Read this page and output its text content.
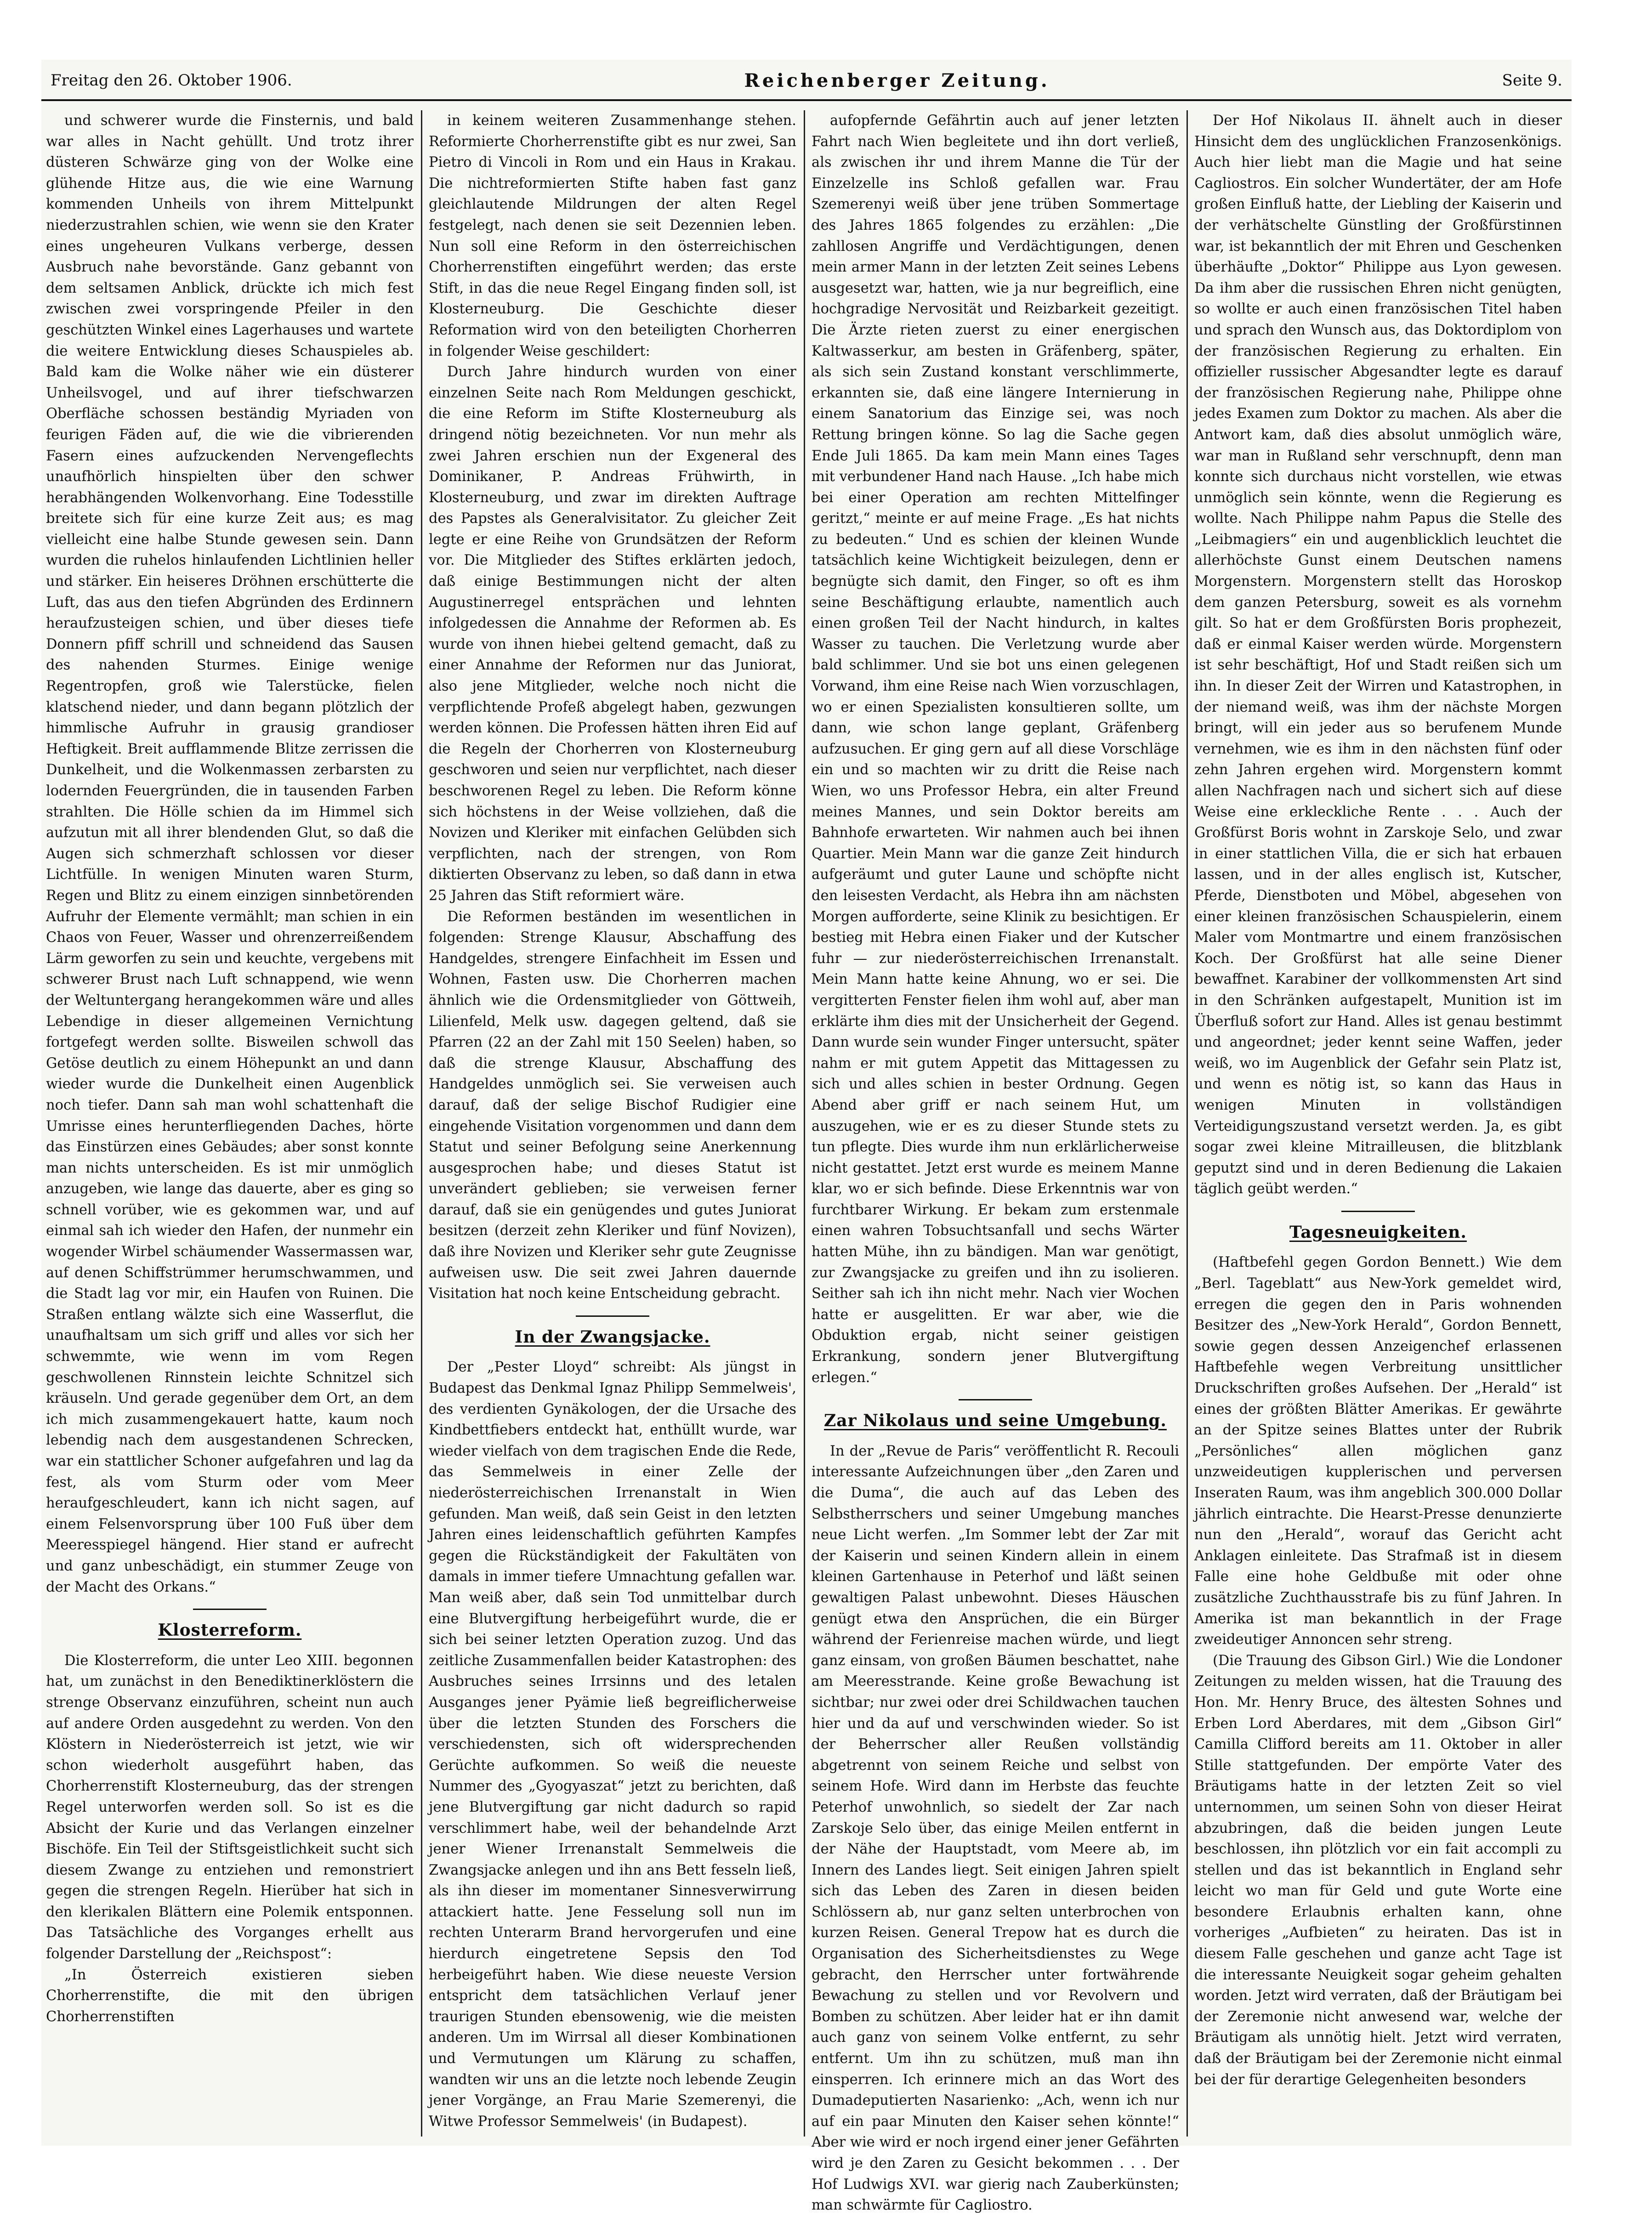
Freitag den 26. Oktober 1906.	Reichenberger Zeitung.	Seite 9.

und schwerer wurde die Finsternis, und bald war alles in Nacht gehüllt. Und trotz ihrer düsteren Schwärze ging von der Wolke eine glühende Hitze aus, die wie eine Warnung kommenden Unheils von ihrem Mittelpunkt niederzustrahlen schien, wie wenn sie den Krater eines ungeheuren Vulkans verberge, dessen Ausbruch nahe bevorstände. Ganz gebannt von dem seltsamen Anblick, drückte ich mich fest zwischen zwei vorspringende Pfeiler in den geschützten Winkel eines Lagerhauses und wartete die weitere Entwicklung dieses Schauspieles ab. Bald kam die Wolke näher wie ein düsterer Unheilsvogel, und auf ihrer tiefschwarzen Oberfläche schossen beständig Myriaden von feurigen Fäden auf, die wie die vibrierenden Fasern eines aufzuckenden Nervengeflechts unaufhörlich hinspielten über den schwer herabhängenden Wolkenvorhang. Eine Todesstille breitete sich für eine kurze Zeit aus; es mag vielleicht eine halbe Stunde gewesen sein. Dann wurden die ruhelos hinlaufenden Lichtlinien heller und stärker. Ein heiseres Dröhnen erschütterte die Luft, das aus den tiefen Abgründen des Erdinnern heraufzusteigen schien, und über dieses tiefe Donnern pfiff schrill und schneidend das Sausen des nahenden Sturmes. Einige wenige Regentropfen, groß wie Talerstücke, fielen klatschend nieder, und dann begann plötzlich der himmlische Aufruhr in grausig grandioser Heftigkeit. Breit aufflammende Blitze zerrissen die Dunkelheit, und die Wolkenmassen zerbarsten zu lodernden Feuergründen, die in tausenden Farben strahlten. Die Hölle schien da im Himmel sich aufzutun mit all ihrer blendenden Glut, so daß die Augen sich schmerzhaft schlossen vor dieser Lichtfülle. In wenigen Minuten waren Sturm, Regen und Blitz zu einem einzigen sinnbetörenden Aufruhr der Elemente vermählt; man schien in ein Chaos von Feuer, Wasser und ohrenzerreißendem Lärm geworfen zu sein und keuchte, vergebens mit schwerer Brust nach Luft schnappend, wie wenn der Weltuntergang herangekommen wäre und alles Lebendige in dieser allgemeinen Vernichtung fortgefegt werden sollte. Bisweilen schwoll das Getöse deutlich zu einem Höhepunkt an und dann wieder wurde die Dunkelheit einen Augenblick noch tiefer. Dann sah man wohl schattenhaft die Umrisse eines herunterfliegenden Daches, hörte das Einstürzen eines Gebäudes; aber sonst konnte man nichts unterscheiden. Es ist mir unmöglich anzugeben, wie lange das dauerte, aber es ging so schnell vorüber, wie es gekommen war, und auf einmal sah ich wieder den Hafen, der nunmehr ein wogender Wirbel schäumender Wassermassen war, auf denen Schiffstrümmer herumschwammen, und die Stadt lag vor mir, ein Haufen von Ruinen. Die Straßen entlang wälzte sich eine Wasserflut, die unaufhaltsam um sich griff und alles vor sich her schwemmte, wie wenn im vom Regen geschwollenen Rinnstein leichte Schnitzel sich kräuseln. Und gerade gegenüber dem Ort, an dem ich mich zusammengekauert hatte, kaum noch lebendig nach dem ausgestandenen Schrecken, war ein stattlicher Schoner aufgefahren und lag da fest, als vom Sturm oder vom Meer heraufgeschleudert, kann ich nicht sagen, auf einem Felsenvorsprung über 100 Fuß über dem Meeresspiegel hängend. Hier stand er aufrecht und ganz unbeschädigt, ein stummer Zeuge von der Macht des Orkans.“

Klosterreform.

Die Klosterreform, die unter Leo XIII. begonnen hat, um zunächst in den Benediktinerklöstern die strenge Observanz einzuführen, scheint nun auch auf andere Orden ausgedehnt zu werden. Von den Klöstern in Niederösterreich ist jetzt, wie wir schon wiederholt ausgeführt haben, das Chorherrenstift Klosterneuburg, das der strengen Regel unterworfen werden soll. So ist es die Absicht der Kurie und das Verlangen einzelner Bischöfe. Ein Teil der Stiftsgeistlichkeit sucht sich diesem Zwange zu entziehen und remonstriert gegen die strengen Regeln. Hierüber hat sich in den klerikalen Blättern eine Polemik entsponnen. Das Tatsächliche des Vorganges erhellt aus folgender Darstellung der „Reichspost“:

„In Österreich existieren sieben Chorherrenstifte, die mit den übrigen Chorherrenstiften

in keinem weiteren Zusammenhange stehen. Reformierte Chorherrenstifte gibt es nur zwei, San Pietro di Vincoli in Rom und ein Haus in Krakau. Die nichtreformierten Stifte haben fast ganz gleichlautende Mildrungen der alten Regel festgelegt, nach denen sie seit Dezennien leben. Nun soll eine Reform in den österreichischen Chorherrenstiften eingeführt werden; das erste Stift, in das die neue Regel Eingang finden soll, ist Klosterneuburg. Die Geschichte dieser Reformation wird von den beteiligten Chorherren in folgender Weise geschildert:

Durch Jahre hindurch wurden von einer einzelnen Seite nach Rom Meldungen geschickt, die eine Reform im Stifte Klosterneuburg als dringend nötig bezeichneten. Vor nun mehr als zwei Jahren erschien nun der Exgeneral des Dominikaner, P. Andreas Frühwirth, in Klosterneuburg, und zwar im direkten Auftrage des Papstes als Generalvisitator. Zu gleicher Zeit legte er eine Reihe von Grundsätzen der Reform vor. Die Mitglieder des Stiftes erklärten jedoch, daß einige Bestimmungen nicht der alten Augustinerregel entsprächen und lehnten infolgedessen die Annahme der Reformen ab. Es wurde von ihnen hiebei geltend gemacht, daß zu einer Annahme der Reformen nur das Juniorat, also jene Mitglieder, welche noch nicht die verpflichtende Profeß abgelegt haben, gezwungen werden können. Die Professen hätten ihren Eid auf die Regeln der Chorherren von Klosterneuburg geschworen und seien nur verpflichtet, nach dieser beschworenen Regel zu leben. Die Reform könne sich höchstens in der Weise vollziehen, daß die Novizen und Kleriker mit einfachen Gelübden sich verpflichten, nach der strengen, von Rom diktierten Observanz zu leben, so daß dann in etwa 25 Jahren das Stift reformiert wäre.

Die Reformen beständen im wesentlichen in folgenden: Strenge Klausur, Abschaffung des Handgeldes, strengere Einfachheit im Essen und Wohnen, Fasten usw. Die Chorherren machen ähnlich wie die Ordensmitglieder von Göttweih, Lilienfeld, Melk usw. dagegen geltend, daß sie Pfarren (22 an der Zahl mit 150 Seelen) haben, so daß die strenge Klausur, Abschaffung des Handgeldes unmöglich sei. Sie verweisen auch darauf, daß der selige Bischof Rudigier eine eingehende Visitation vorgenommen und dann dem Statut und seiner Befolgung seine Anerkennung ausgesprochen habe; und dieses Statut ist unverändert geblieben; sie verweisen ferner darauf, daß sie ein genügendes und gutes Juniorat besitzen (derzeit zehn Kleriker und fünf Novizen), daß ihre Novizen und Kleriker sehr gute Zeugnisse aufweisen usw. Die seit zwei Jahren dauernde Visitation hat noch keine Entscheidung gebracht.

In der Zwangsjacke.

Der „Pester Lloyd“ schreibt: Als jüngst in Budapest das Denkmal Ignaz Philipp Semmelweis', des verdienten Gynäkologen, der die Ursache des Kindbettfiebers entdeckt hat, enthüllt wurde, war wieder vielfach von dem tragischen Ende die Rede, das Semmelweis in einer Zelle der niederösterreichischen Irrenanstalt in Wien gefunden. Man weiß, daß sein Geist in den letzten Jahren eines leidenschaftlich geführten Kampfes gegen die Rückständigkeit der Fakultäten von damals in immer tiefere Umnachtung gefallen war. Man weiß aber, daß sein Tod unmittelbar durch eine Blutvergiftung herbeigeführt wurde, die er sich bei seiner letzten Operation zuzog. Und das zeitliche Zusammenfallen beider Katastrophen: des Ausbruches seines Irrsinns und des letalen Ausganges jener Pyämie ließ begreiflicherweise über die letzten Stunden des Forschers die verschiedensten, sich oft widersprechenden Gerüchte aufkommen. So weiß die neueste Nummer des „Gyogyaszat“ jetzt zu berichten, daß jene Blutvergiftung gar nicht dadurch so rapid verschlimmert habe, weil der behandelnde Arzt jener Wiener Irrenanstalt Semmelweis die Zwangsjacke anlegen und ihn ans Bett fesseln ließ, als ihn dieser im momentaner Sinnesverwirrung attackiert hatte. Jene Fesselung soll nun im rechten Unterarm Brand hervorgerufen und eine hierdurch eingetretene Sepsis den Tod herbeigeführt haben. Wie diese neueste Version entspricht dem tatsächlichen Verlauf jener traurigen Stunden ebensowenig, wie die meisten anderen. Um im Wirrsal all dieser Kombinationen und Vermutungen um Klärung zu schaffen, wandten wir uns an die letzte noch lebende Zeugin jener Vorgänge, an Frau Marie Szemerenyi, die Witwe Professor Semmelweis' (in Budapest).

aufopfernde Gefährtin auch auf jener letzten Fahrt nach Wien begleitete und ihn dort verließ, als zwischen ihr und ihrem Manne die Tür der Einzelzelle ins Schloß gefallen war. Frau Szemerenyi weiß über jene trüben Sommertage des Jahres 1865 folgendes zu erzählen: „Die zahllosen Angriffe und Verdächtigungen, denen mein armer Mann in der letzten Zeit seines Lebens ausgesetzt war, hatten, wie ja nur begreiflich, eine hochgradige Nervosität und Reizbarkeit gezeitigt. Die Ärzte rieten zuerst zu einer energischen Kaltwasserkur, am besten in Gräfenberg, später, als sich sein Zustand konstant verschlimmerte, erkannten sie, daß eine längere Internierung in einem Sanatorium das Einzige sei, was noch Rettung bringen könne. So lag die Sache gegen Ende Juli 1865. Da kam mein Mann eines Tages mit verbundener Hand nach Hause. „Ich habe mich bei einer Operation am rechten Mittelfinger geritzt,“ meinte er auf meine Frage. „Es hat nichts zu bedeuten.“ Und es schien der kleinen Wunde tatsächlich keine Wichtigkeit beizulegen, denn er begnügte sich damit, den Finger, so oft es ihm seine Beschäftigung erlaubte, namentlich auch einen großen Teil der Nacht hindurch, in kaltes Wasser zu tauchen. Die Verletzung wurde aber bald schlimmer. Und sie bot uns einen gelegenen Vorwand, ihm eine Reise nach Wien vorzuschlagen, wo er einen Spezialisten konsultieren sollte, um dann, wie schon lange geplant, Gräfenberg aufzusuchen. Er ging gern auf all diese Vorschläge ein und so machten wir zu dritt die Reise nach Wien, wo uns Professor Hebra, ein alter Freund meines Mannes, und sein Doktor bereits am Bahnhofe erwarteten. Wir nahmen auch bei ihnen Quartier. Mein Mann war die ganze Zeit hindurch aufgeräumt und guter Laune und schöpfte nicht den leisesten Verdacht, als Hebra ihn am nächsten Morgen aufforderte, seine Klinik zu besichtigen. Er bestieg mit Hebra einen Fiaker und der Kutscher fuhr — zur niederösterreichischen Irrenanstalt. Mein Mann hatte keine Ahnung, wo er sei. Die vergitterten Fenster fielen ihm wohl auf, aber man erklärte ihm dies mit der Unsicherheit der Gegend. Dann wurde sein wunder Finger untersucht, später nahm er mit gutem Appetit das Mittagessen zu sich und alles schien in bester Ordnung. Gegen Abend aber griff er nach seinem Hut, um auszugehen, wie er es zu dieser Stunde stets zu tun pflegte. Dies wurde ihm nun erklärlicherweise nicht gestattet. Jetzt erst wurde es meinem Manne klar, wo er sich befinde. Diese Erkenntnis war von furchtbarer Wirkung. Er bekam zum erstenmale einen wahren Tobsuchtsanfall und sechs Wärter hatten Mühe, ihn zu bändigen. Man war genötigt, zur Zwangsjacke zu greifen und ihn zu isolieren. Seither sah ich ihn nicht mehr. Nach vier Wochen hatte er ausgelitten. Er war aber, wie die Obduktion ergab, nicht seiner geistigen Erkrankung, sondern jener Blutvergiftung erlegen.“

Zar Nikolaus und seine Umgebung.

In der „Revue de Paris“ veröffentlicht R. Recouli interessante Aufzeichnungen über „den Zaren und die Duma“, die auch auf das Leben des Selbstherrschers und seiner Umgebung manches neue Licht werfen. „Im Sommer lebt der Zar mit der Kaiserin und seinen Kindern allein in einem kleinen Gartenhause in Peterhof und läßt seinen gewaltigen Palast unbewohnt. Dieses Häuschen genügt etwa den Ansprüchen, die ein Bürger während der Ferienreise machen würde, und liegt ganz einsam, von großen Bäumen beschattet, nahe am Meeresstrande. Keine große Bewachung ist sichtbar; nur zwei oder drei Schildwachen tauchen hier und da auf und verschwinden wieder. So ist der Beherrscher aller Reußen vollständig abgetrennt von seinem Reiche und selbst von seinem Hofe. Wird dann im Herbste das feuchte Peterhof unwohnlich, so siedelt der Zar nach Zarskoje Selo über, das einige Meilen entfernt in der Nähe der Hauptstadt, vom Meere ab, im Innern des Landes liegt. Seit einigen Jahren spielt sich das Leben des Zaren in diesen beiden Schlössern ab, nur ganz selten unterbrochen von kurzen Reisen. General Trepow hat es durch die Organisation des Sicherheitsdienstes zu Wege gebracht, den Herrscher unter fortwährende Bewachung zu stellen und vor Revolvern und Bomben zu schützen. Aber leider hat er ihn damit auch ganz von seinem Volke entfernt, zu sehr entfernt. Um ihn zu schützen, muß man ihn einsperren. Ich erinnere mich an das Wort des Dumadeputierten Nasarienko: „Ach, wenn ich nur auf ein paar Minuten den Kaiser sehen könnte!“ Aber wie wird er noch irgend einer jener Gefährten wird je den Zaren zu Gesicht bekommen . . . Der Hof Ludwigs XVI. war gierig nach Zauberkünsten; man schwärmte für Cagliostro.

Der Hof Nikolaus II. ähnelt auch in dieser Hinsicht dem des unglücklichen Franzosenkönigs. Auch hier liebt man die Magie und hat seine Cagliostros. Ein solcher Wundertäter, der am Hofe großen Einfluß hatte, der Liebling der Kaiserin und der verhätschelte Günstling der Großfürstinnen war, ist bekanntlich der mit Ehren und Geschenken überhäufte „Doktor“ Philippe aus Lyon gewesen. Da ihm aber die russischen Ehren nicht genügten, so wollte er auch einen französischen Titel haben und sprach den Wunsch aus, das Doktordiplom von der französischen Regierung zu erhalten. Ein offizieller russischer Abgesandter legte es darauf der französischen Regierung nahe, Philippe ohne jedes Examen zum Doktor zu machen. Als aber die Antwort kam, daß dies absolut unmöglich wäre, war man in Rußland sehr verschnupft, denn man konnte sich durchaus nicht vorstellen, wie etwas unmöglich sein könnte, wenn die Regierung es wollte. Nach Philippe nahm Papus die Stelle des „Leibmagiers“ ein und augenblicklich leuchtet die allerhöchste Gunst einem Deutschen namens Morgenstern. Morgenstern stellt das Horoskop dem ganzen Petersburg, soweit es als vornehm gilt. So hat er dem Großfürsten Boris prophezeit, daß er einmal Kaiser werden würde. Morgenstern ist sehr beschäftigt, Hof und Stadt reißen sich um ihn. In dieser Zeit der Wirren und Katastrophen, in der niemand weiß, was ihm der nächste Morgen bringt, will ein jeder aus so berufenem Munde vernehmen, wie es ihm in den nächsten fünf oder zehn Jahren ergehen wird. Morgenstern kommt allen Nachfragen nach und sichert sich auf diese Weise eine erkleckliche Rente . . . Auch der Großfürst Boris wohnt in Zarskoje Selo, und zwar in einer stattlichen Villa, die er sich hat erbauen lassen, und in der alles englisch ist, Kutscher, Pferde, Dienstboten und Möbel, abgesehen von einer kleinen französischen Schauspielerin, einem Maler vom Montmartre und einem französischen Koch. Der Großfürst hat alle seine Diener bewaffnet. Karabiner der vollkommensten Art sind in den Schränken aufgestapelt, Munition ist im Überfluß sofort zur Hand. Alles ist genau bestimmt und angeordnet; jeder kennt seine Waffen, jeder weiß, wo im Augenblick der Gefahr sein Platz ist, und wenn es nötig ist, so kann das Haus in wenigen Minuten in vollständigen Verteidigungszustand versetzt werden. Ja, es gibt sogar zwei kleine Mitrailleusen, die blitzblank geputzt sind und in deren Bedienung die Lakaien täglich geübt werden.“

Tagesneuigkeiten.

(Haftbefehl gegen Gordon Bennett.) Wie dem „Berl. Tageblatt“ aus New-York gemeldet wird, erregen die gegen den in Paris wohnenden Besitzer des „New-York Herald“, Gordon Bennett, sowie gegen dessen Anzeigenchef erlassenen Haftbefehle wegen Verbreitung unsittlicher Druckschriften großes Aufsehen. Der „Herald“ ist eines der größten Blätter Amerikas. Er gewährte an der Spitze seines Blattes unter der Rubrik „Persönliches“ allen möglichen ganz unzweideutigen kupplerischen und perversen Inseraten Raum, was ihm angeblich 300.000 Dollar jährlich eintrachte. Die Hearst-Presse denunzierte nun den „Herald“, worauf das Gericht acht Anklagen einleitete. Das Strafmaß ist in diesem Falle eine hohe Geldbuße mit oder ohne zusätzliche Zuchthausstrafe bis zu fünf Jahren. In Amerika ist man bekanntlich in der Frage zweideutiger Annoncen sehr streng.

(Die Trauung des Gibson Girl.) Wie die Londoner Zeitungen zu melden wissen, hat die Trauung des Hon. Mr. Henry Bruce, des ältesten Sohnes und Erben Lord Aberdares, mit dem „Gibson Girl“ Camilla Clifford bereits am 11. Oktober in aller Stille stattgefunden. Der empörte Vater des Bräutigams hatte in der letzten Zeit so viel unternommen, um seinen Sohn von dieser Heirat abzubringen, daß die beiden jungen Leute beschlossen, ihn plötzlich vor ein fait accompli zu stellen und das ist bekanntlich in England sehr leicht wo man für Geld und gute Worte eine besondere Erlaubnis erhalten kann, ohne vorheriges „Aufbieten“ zu heiraten. Das ist in diesem Falle geschehen und ganze acht Tage ist die interessante Neuigkeit sogar geheim gehalten worden. Jetzt wird verraten, daß der Bräutigam bei der Zeremonie nicht anwesend war, welche der Bräutigam als unnötig hielt. Jetzt wird verraten, daß der Bräutigam bei der Zeremonie nicht einmal bei der für derartige Gelegenheiten besonders
